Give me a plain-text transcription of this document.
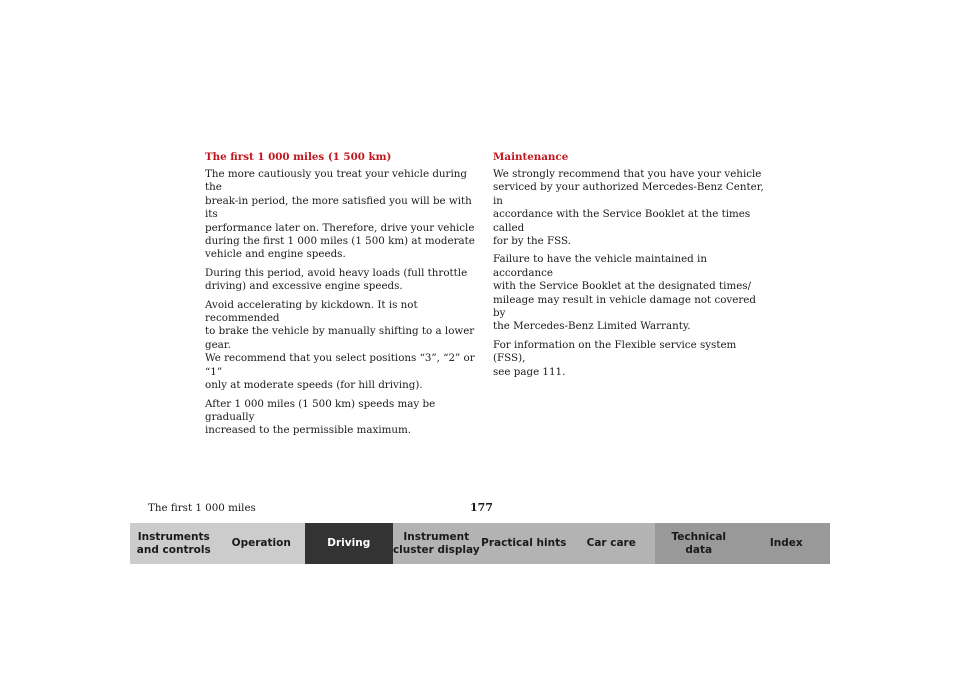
The first 1 000 miles (1 500 km)

The more cautiously you treat your vehicle during the
break-in period, the more satisfied you will be with its
performance later on. Therefore, drive your vehicle
during the first 1 000 miles (1 500 km) at moderate
vehicle and engine speeds.

During this period, avoid heavy loads (full throttle
driving) and excessive engine speeds.

Avoid accelerating by kickdown. It is not recommended
to brake the vehicle by manually shifting to a lower gear.
We recommend that you select positions “3”, “2” or “1”
only at moderate speeds (for hill driving).

After 1 000 miles (1 500 km) speeds may be gradually
increased to the permissible maximum.

Maintenance

We strongly recommend that you have your vehicle
serviced by your authorized Mercedes-Benz Center, in
accordance with the Service Booklet at the times called
for by the FSS.

Failure to have the vehicle maintained in accordance
with the Service Booklet at the designated times/
mileage may result in vehicle damage not covered by
the Mercedes-Benz Limited Warranty.

For information on the Flexible service system (FSS),
see page 111.

The first 1 000 miles	177
Instruments
and controls
Operation	Driving
Instrument
cluster display
Practical hints	Car care
Technical
data
Index
